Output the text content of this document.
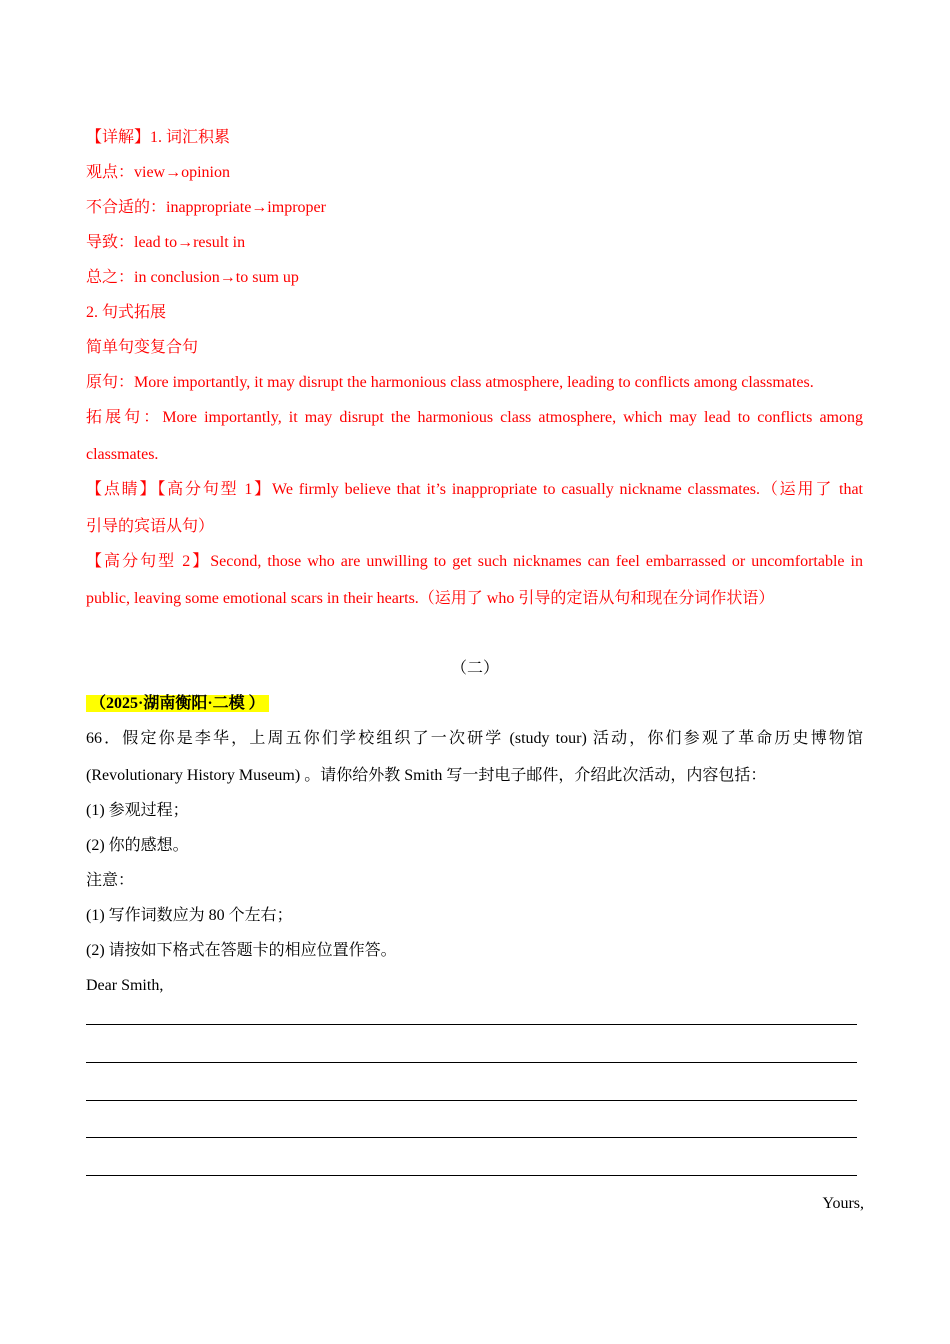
【详解】1. 词汇积累
观点：view→opinion
不合适的：inappropriate→improper
导致：lead to→result in
总之：in conclusion→to sum up
2. 句式拓展
简单句变复合句
原句：More importantly, it may disrupt the harmonious class atmosphere, leading to conflicts among classmates.
拓展句：More importantly, it may disrupt the harmonious class atmosphere, which may lead to conflicts among
classmates.
【点睛】【高分句型 1】We firmly believe that it’s inappropriate to casually nickname classmates.（运用了 that
引导的宾语从句）
【高分句型 2】Second, those who are unwilling to get such nicknames can feel embarrassed or uncomfortable in
public, leaving some emotional scars in their hearts.（运用了 who 引导的定语从句和现在分词作状语）
（二）
（2025·湖南衡阳·二模 ）
66．假定你是李华，上周五你们学校组织了一次研学 (study tour) 活动，你们参观了革命历史博物馆
(Revolutionary History Museum) 。请你给外教 Smith 写一封电子邮件，介绍此次活动，内容包括：
(1) 参观过程；
(2) 你的感想。
注意：
(1) 写作词数应为 80 个左右；
(2) 请按如下格式在答题卡的相应位置作答。
Dear Smith,
Yours,
